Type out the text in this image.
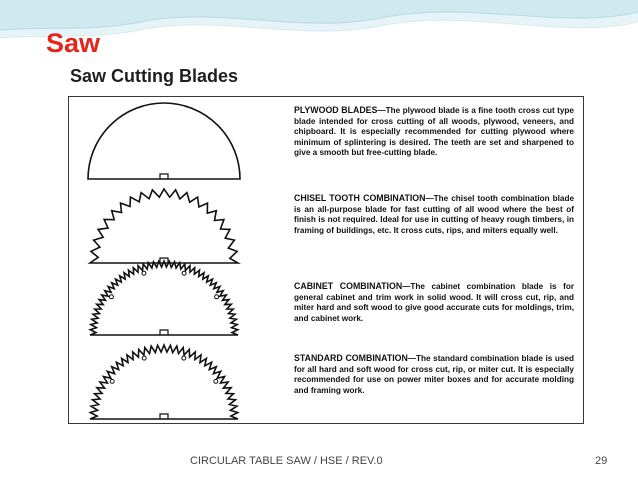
Saw
Saw Cutting Blades
PLYWOOD BLADES—The plywood blade is a fine tooth cross cut type blade intended for cross cutting of all woods, plywood, veneers, and chipboard. It is especially recommended for cutting plywood where minimum of splintering is desired. The teeth are set and sharpened to give a smooth but free-cutting blade.
CHISEL TOOTH COMBINATION—The chisel tooth combination blade is an all-purpose blade for fast cutting of all wood where the best of finish is not required. Ideal for use in cutting of heavy rough timbers, in framing of buildings, etc. It cross cuts, rips, and miters equally well.
CABINET COMBINATION—The cabinet combination blade is for general cabinet and trim work in solid wood. It will cross cut, rip, and miter hard and soft wood to give good accurate cuts for moldings, trim, and cabinet work.
STANDARD COMBINATION—The standard combination blade is used for all hard and soft wood for cross cut, rip, or miter cut. It is especially recommended for use on power miter boxes and for accurate molding and framing work.
CIRCULAR TABLE SAW / HSE / REV.0	29
